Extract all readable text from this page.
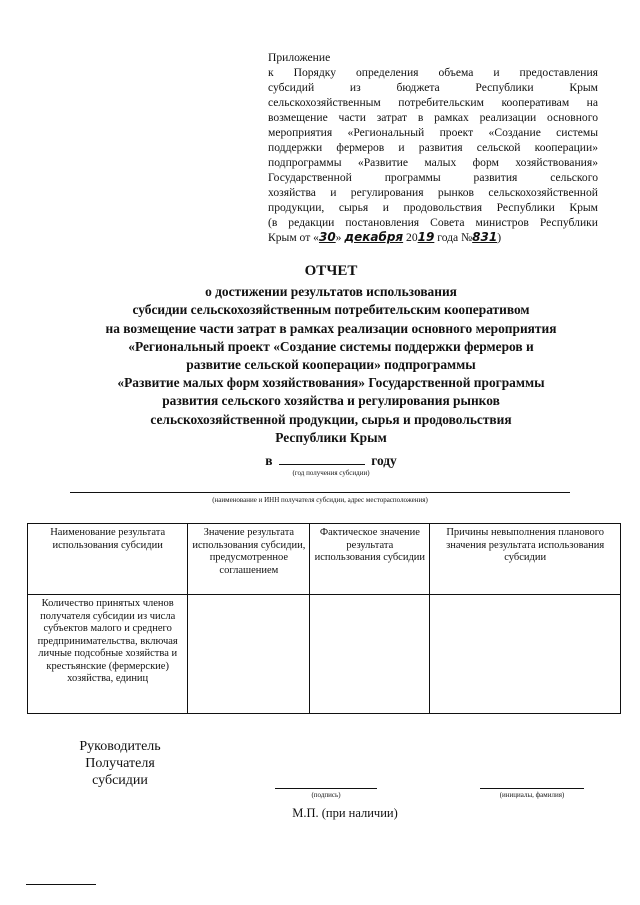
Приложение
к Порядку определения объема и предоставления
субсидий из бюджета Республики Крым
сельскохозяйственным потребительским кооперативам на
возмещение части затрат в рамках реализации основного
мероприятия «Региональный проект «Создание системы
поддержки фермеров и развития сельской кооперации»
подпрограммы «Развитие малых форм хозяйствования»
Государственной программы развития сельского
хозяйства и регулирования рынков сельскохозяйственной
продукции, сырья и продовольствия Республики Крым
(в редакции постановления Совета министров Республики
Крым от «30» декабря 2019 года №831)
ОТЧЕТ
о достижении результатов использования
субсидии сельскохозяйственным потребительским кооперативом
на возмещение части затрат в рамках реализации основного мероприятия
«Региональный проект «Создание системы поддержки фермеров и
развитие сельской кооперации» подпрограммы
«Развитие малых форм хозяйствования» Государственной программы
развития сельского хозяйства и регулирования рынков
сельскохозяйственной продукции, сырья и продовольствия
Республики Крым
в	году
(год получения субсидии)
(наименование и ИНН получателя субсидии, адрес месторасположения)
Наименование результата использования субсидии	Значение результата использования субсидии, предусмотренное соглашением	Фактическое значение результата использования субсидии	Причины невыполнения планового значения результата использования субсидии
Количество принятых членов получателя субсидии из числа субъектов малого и среднего предпринимательства, включая личные подсобные хозяйства и крестьянские (фермерские) хозяйства, единиц			
Руководитель
Получателя
субсидии
(подпись)	(инициалы, фамилия)
М.П. (при наличии)
